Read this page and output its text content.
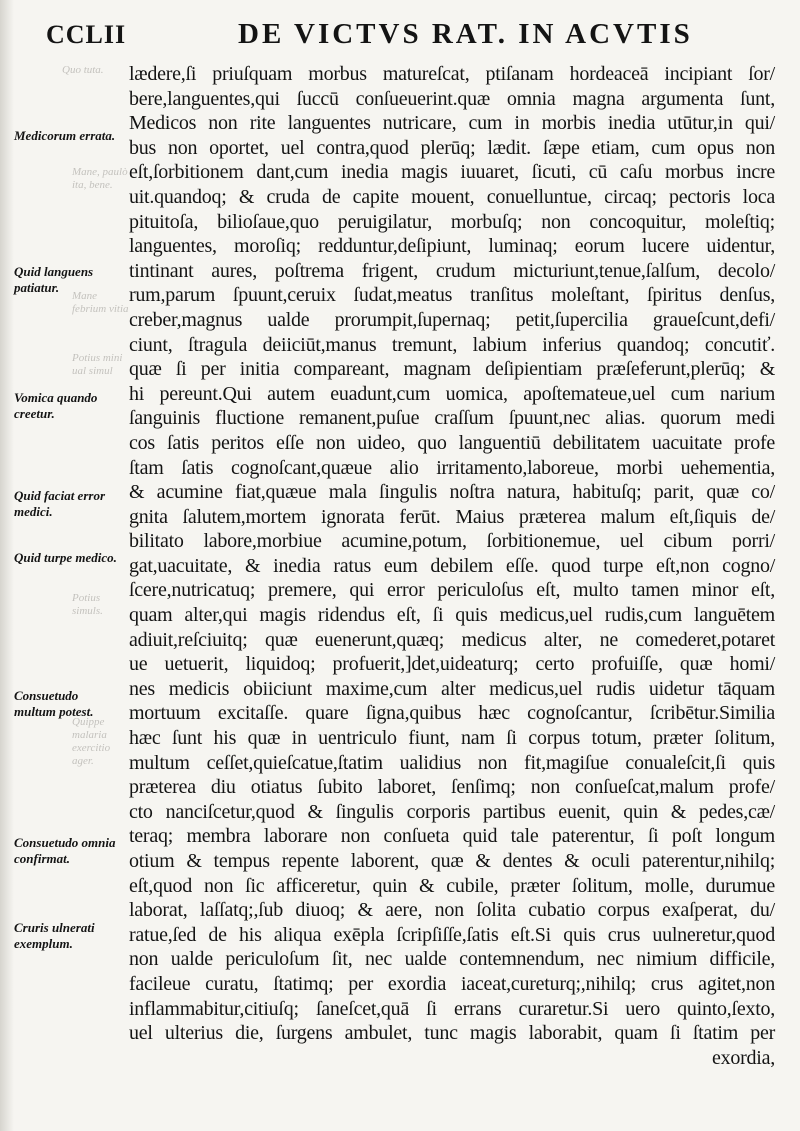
CCLII	DE VICTVS RAT. IN ACVTIS
Medicorum errata.
Quid languens patiatur.
Vomica quando creetur.
Quid faciat error medici.
Quid turpe medico.
Consuetudo multum potest.
Consuetudo omnia confirmat.
Cruris ulnerati exemplum.
Quo tuta.
Mane, paulò ita, bene.
Mane febrium vitia
Potius mini ual simul
Potius simuls.
Quippe malaria exercitio ager.
lædere,ſi priuſquam morbus matureſcat, ptiſanam hordeaceā incipiant ſor/
bere,languentes,qui ſuccū conſueuerint.quæ omnia magna argumenta ſunt,
Medicos non rite languentes nutricare, cum in morbis inedia utūtur,in qui/
bus non oportet, uel contra,quod plerūq; lædit. ſæpe etiam, cum opus non
eſt,ſorbitionem dant,cum inedia magis iuuaret, ſicuti, cū caſu morbus incre
uit.quandoq; & cruda de capite mouent, conuelluntue, circaq; pectoris loca
pituitoſa, bilioſaue,quo peruigilatur, morbuſq; non concoquitur, moleſtiq;
languentes, moroſiq; redduntur,deſipiunt, luminaq; eorum lucere uidentur,
tintinant aures, poſtrema frigent, crudum micturiunt,tenue,ſalſum, decolo/
rum,parum ſpuunt,ceruix ſudat,meatus tranſitus moleſtant, ſpiritus denſus,
creber,magnus ualde prorumpit,ſupernaq; petit,ſupercilia graueſcunt,defi/
ciunt, ſtragula deiiciūt,manus tremunt, labium inferius quandoq; concutiť.
quæ ſi per initia compareant, magnam deſipientiam præſeferunt,plerūq; &
hi pereunt.Qui autem euadunt,cum uomica, apoſtemateue,uel cum narium
ſanguinis fluctione remanent,puſue craſſum ſpuunt,nec alias. quorum medi
cos ſatis peritos eſſe non uideo, quo languentiū debilitatem uacuitate profe
ſtam ſatis cognoſcant,quæue alio irritamento,laboreue, morbi uehementia,
& acumine fiat,quæue mala ſingulis noſtra natura, habituſq; parit, quæ co/
gnita ſalutem,mortem ignorata ferūt. Maius præterea malum eſt,ſiquis de/
bilitato labore,morbiue acumine,potum, ſorbitionemue, uel cibum porri/
gat,uacuitate, & inedia ratus eum debilem eſſe. quod turpe eſt,non cogno/
ſcere,nutricatuq; premere, qui error periculoſus eſt, multo tamen minor eſt,
quam alter,qui magis ridendus eſt, ſi quis medicus,uel rudis,cum languētem
adiuit,reſciuitq; quæ euenerunt,quæq; medicus alter, ne comederet,potaret
ue uetuerit, liquidoq; profuerit,]det,uideaturq; certo profuiſſe, quæ homi/
nes medicis obiiciunt maxime,cum alter medicus,uel rudis uidetur tāquam
mortuum excitaſſe. quare ſigna,quibus hæc cognoſcantur, ſcribētur.Similia
hæc ſunt his quæ in uentriculo fiunt, nam ſi corpus totum, præter ſolitum,
multum ceſſet,quieſcatue,ſtatim ualidius non fit,magiſue conualeſcit,ſi quis
præterea diu otiatus ſubito laboret, ſenſimq; non conſueſcat,malum profe/
cto nanciſcetur,quod & ſingulis corporis partibus euenit, quin & pedes,cæ/
teraq; membra laborare non conſueta quid tale paterentur, ſi poſt longum
otium & tempus repente laborent, quæ & dentes & oculi paterentur,nihilq;
eſt,quod non ſic afficeretur, quin & cubile, præter ſolitum, molle, durumue
laborat, laſſatq;,ſub diuoq; & aere, non ſolita cubatio corpus exaſperat, du/
ratue,ſed de his aliqua exēpla ſcripſiſſe,ſatis eſt.Si quis crus uulneretur,quod
non ualde periculoſum ſit, nec ualde contemnendum, nec nimium difficile,
facileue curatu, ſtatimq; per exordia iaceat,cureturq;,nihilq; crus agitet,non
inflammabitur,citiuſq; ſaneſcet,quā ſi errans curaretur.Si uero quinto,ſexto,
uel ulterius die, ſurgens ambulet, tunc magis laborabit, quam ſi ſtatim per
exordia,
